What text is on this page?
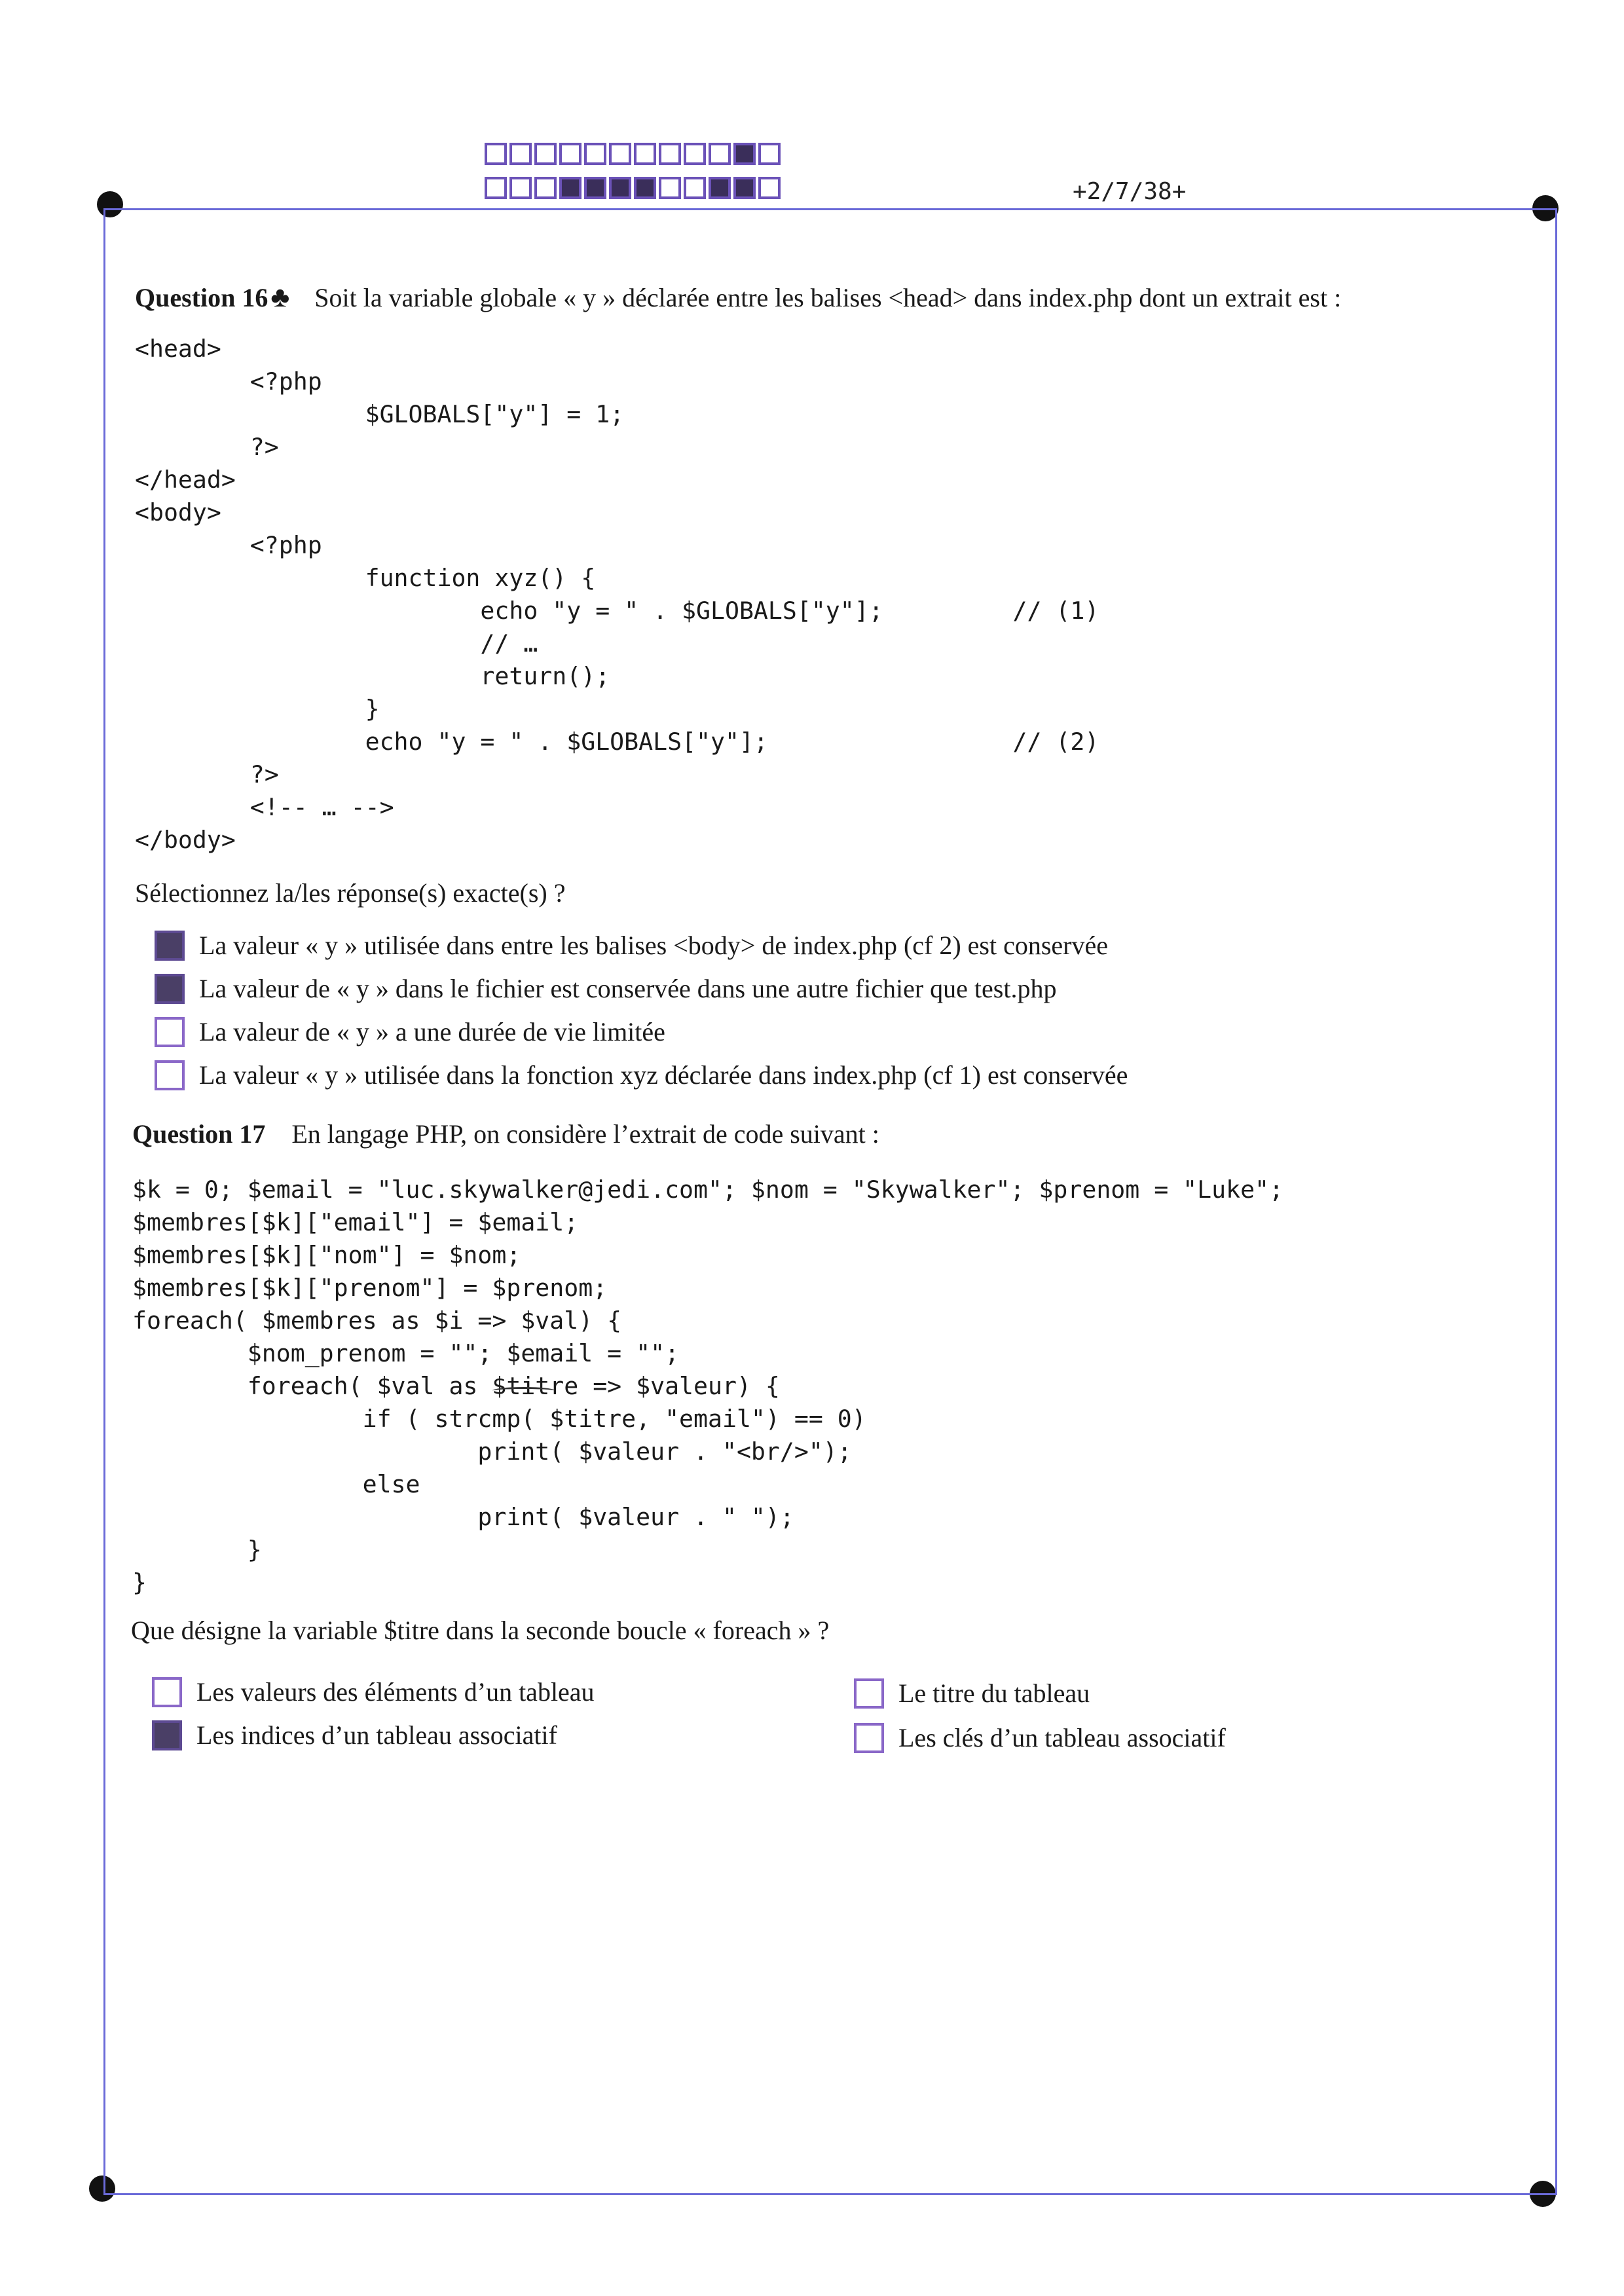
+2/7/38+
Question 16♣ Soit la variable globale « y » déclarée entre les balises <head> dans index.php dont un extrait est :
<head>
<?php
$GLOBALS["y"] = 1;
?>
</head>
<body>
<?php
function xyz() {
echo "y = " . $GLOBALS["y"];         // (1)
// …
return();
}
echo "y = " . $GLOBALS["y"];                 // (2)
?>
<!-- … -->
</body>
Sélectionnez la/les réponse(s) exacte(s) ?
La valeur « y » utilisée dans entre les balises <body> de index.php (cf 2) est conservée
La valeur de « y » dans le fichier est conservée dans une autre fichier que test.php
La valeur de « y » a une durée de vie limitée
La valeur « y » utilisée dans la fonction xyz déclarée dans index.php (cf 1) est conservée
Question 17 En langage PHP, on considère l’extrait de code suivant :
$k = 0; $email = "luc.skywalker@jedi.com"; $nom = "Skywalker"; $prenom = "Luke";
$membres[$k]["email"] = $email;
$membres[$k]["nom"] = $nom;
$membres[$k]["prenom"] = $prenom;
foreach( $membres as $i => $val) {
$nom_prenom = ""; $email = "";
foreach( $val as $titre => $valeur) {
if ( strcmp( $titre, "email") == 0)
print( $valeur . "<br/>");
else
print( $valeur . " ");
}
}
Que désigne la variable $titre dans la seconde boucle « foreach » ?
Les valeurs des éléments d’un tableau
Les indices d’un tableau associatif
Le titre du tableau
Les clés d’un tableau associatif
